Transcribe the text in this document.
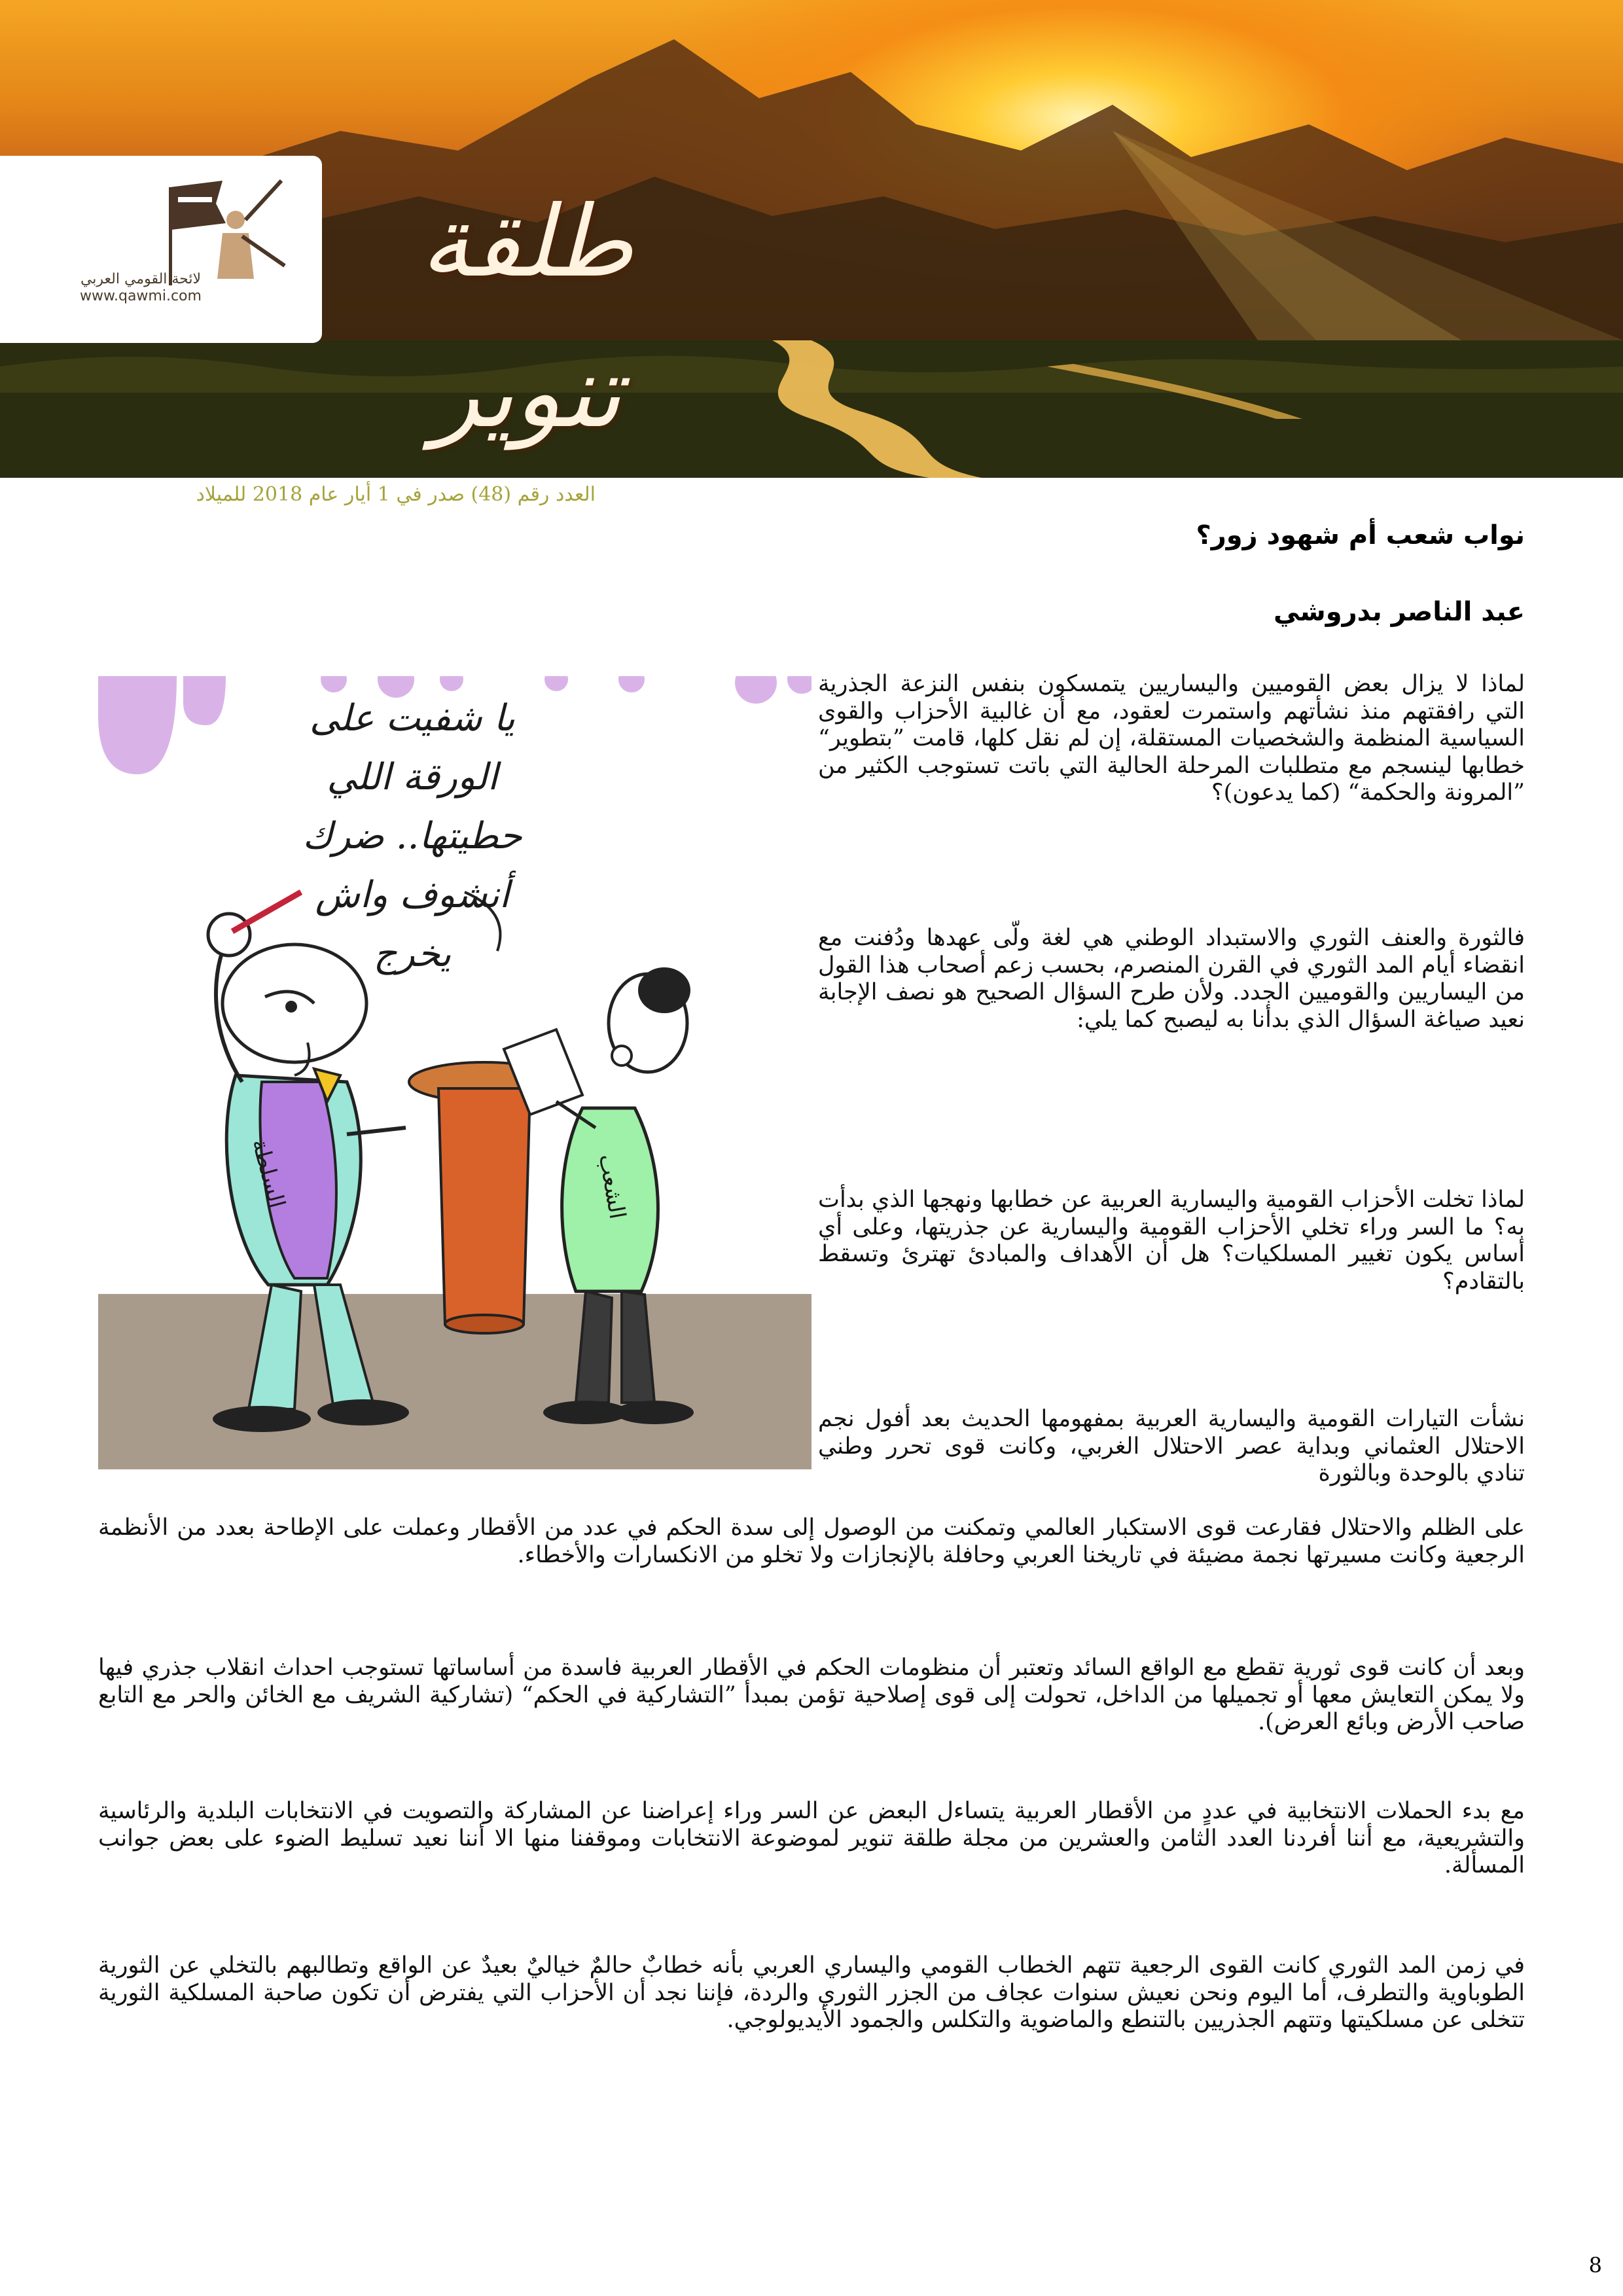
لائحة القومي العربي
www.qawmi.com	طلقة تنوير
العدد رقم (48) صدر في 1 أيار عام 2018 للميلاد
نواب شعب أم شهود زور؟
عبد الناصر بدروشي
يا شفيت على الورقة اللي حطيتها.. ضرك أنشوف واش يخرج
السلطة	الشعب

لماذا لا يزال بعض القوميين واليساريين يتمسكون بنفس النزعة الجذرية التي رافقتهم منذ نشأتهم واستمرت لعقود، مع أن غالبية الأحزاب والقوى السياسية المنظمة والشخصيات المستقلة، إن لم نقل كلها، قامت ”بتطوير“ خطابها لينسجم مع متطلبات المرحلة الحالية التي باتت تستوجب الكثير من ”المرونة والحكمة“ (كما يدعون)؟

فالثورة والعنف الثوري والاستبداد الوطني هي لغة ولّى عهدها ودُفنت مع انقضاء أيام المد الثوري في القرن المنصرم، بحسب زعم أصحاب هذا القول من اليساريين والقوميين الجدد. ولأن طرح السؤال الصحيح هو نصف الإجابة نعيد صياغة السؤال الذي بدأنا به ليصبح كما يلي:

لماذا تخلت الأحزاب القومية واليسارية العربية عن خطابها ونهجها الذي بدأت به؟ ما السر وراء تخلي الأحزاب القومية واليسارية عن جذريتها، وعلى أي أساس يكون تغيير المسلكيات؟ هل أن الأهداف والمبادئ تهترئ وتسقط بالتقادم؟

نشأت التيارات القومية واليسارية العربية بمفهومها الحديث بعد أفول نجم الاحتلال العثماني وبداية عصر الاحتلال الغربي، وكانت قوى تحرر وطني تنادي بالوحدة وبالثورة

على الظلم والاحتلال فقارعت قوى الاستكبار العالمي وتمكنت من الوصول إلى سدة الحكم في عدد من الأقطار وعملت على الإطاحة بعدد من الأنظمة الرجعية وكانت مسيرتها نجمة مضيئة في تاريخنا العربي وحافلة بالإنجازات ولا تخلو من الانكسارات والأخطاء.

وبعد أن كانت قوى ثورية تقطع مع الواقع السائد وتعتبر أن منظومات الحكم في الأقطار العربية فاسدة من أساساتها تستوجب احداث انقلاب جذري فيها ولا يمكن التعايش معها أو تجميلها من الداخل، تحولت إلى قوى إصلاحية تؤمن بمبدأ ”التشاركية في الحكم“ (تشاركية الشريف مع الخائن والحر مع التابع صاحب الأرض وبائع العرض).

مع بدء الحملات الانتخابية في عددٍ من الأقطار العربية يتساءل البعض عن السر وراء إعراضنا عن المشاركة والتصويت في الانتخابات البلدية والرئاسية والتشريعية، مع أننا أفردنا العدد الثامن والعشرين من مجلة طلقة تنوير لموضوعة الانتخابات وموقفنا منها الا أننا نعيد تسليط الضوء على بعض جوانب المسألة.

في زمن المد الثوري كانت القوى الرجعية تتهم الخطاب القومي واليساري العربي بأنه خطابٌ حالمٌ خياليٌ بعيدٌ عن الواقع وتطالبهم بالتخلي عن الثورية الطوباوية والتطرف، أما اليوم ونحن نعيش سنوات عجاف من الجزر الثوري والردة، فإننا نجد أن الأحزاب التي يفترض أن تكون صاحبة المسلكية الثورية تتخلى عن مسلكيتها وتتهم الجذريين بالتنطع والماضوية والتكلس والجمود الأيديولوجي.

8
